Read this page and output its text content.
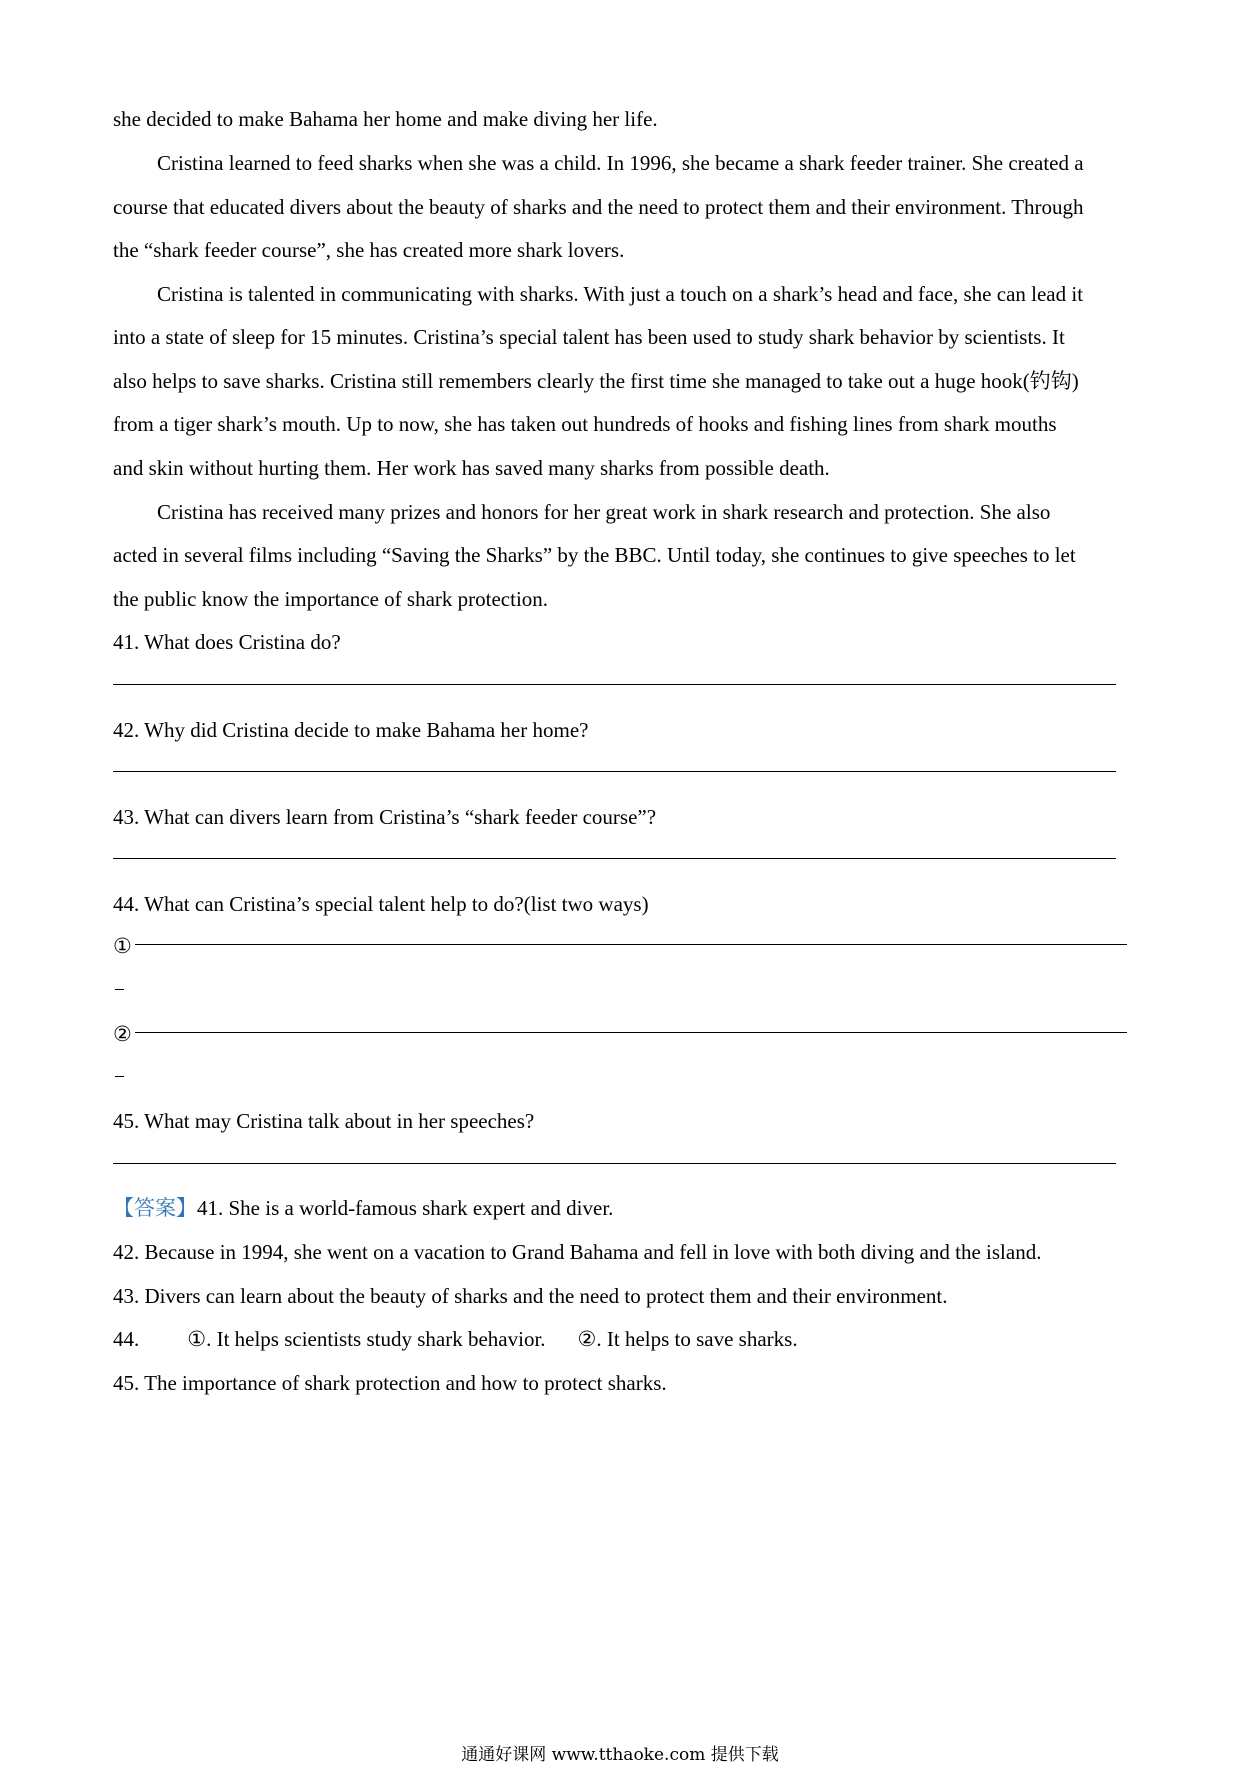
she decided to make Bahama her home and make diving her life.
Cristina learned to feed sharks when she was a child. In 1996, she became a shark feeder trainer. She created a
course that educated divers about the beauty of sharks and the need to protect them and their environment. Through
the “shark feeder course”, she has created more shark lovers.
Cristina is talented in communicating with sharks. With just a touch on a shark’s head and face, she can lead it
into a state of sleep for 15 minutes. Cristina’s special talent has been used to study shark behavior by scientists. It
also helps to save sharks. Cristina still remembers clearly the first time she managed to take out a huge hook(钓钩)
from a tiger shark’s mouth. Up to now, she has taken out hundreds of hooks and fishing lines from shark mouths
and skin without hurting them. Her work has saved many sharks from possible death.
Cristina has received many prizes and honors for her great work in shark research and protection. She also
acted in several films including “Saving the Sharks” by the BBC. Until today, she continues to give speeches to let
the public know the importance of shark protection.
41. What does Cristina do?
42. Why did Cristina decide to make Bahama her home?
43. What can divers learn from Cristina’s “shark feeder course”?
44. What can Cristina’s special talent help to do?(list two ways)
①
②
45. What may Cristina talk about in her speeches?
【答案】41. She is a world-famous shark expert and diver.
42. Because in 1994, she went on a vacation to Grand Bahama and fell in love with both diving and the island.
43. Divers can learn about the beauty of sharks and the need to protect them and their environment.
44. ①. It helps scientists study shark behavior. ②. It helps to save sharks.
45. The importance of shark protection and how to protect sharks.
通通好课网 www.tthaoke.com 提供下载
